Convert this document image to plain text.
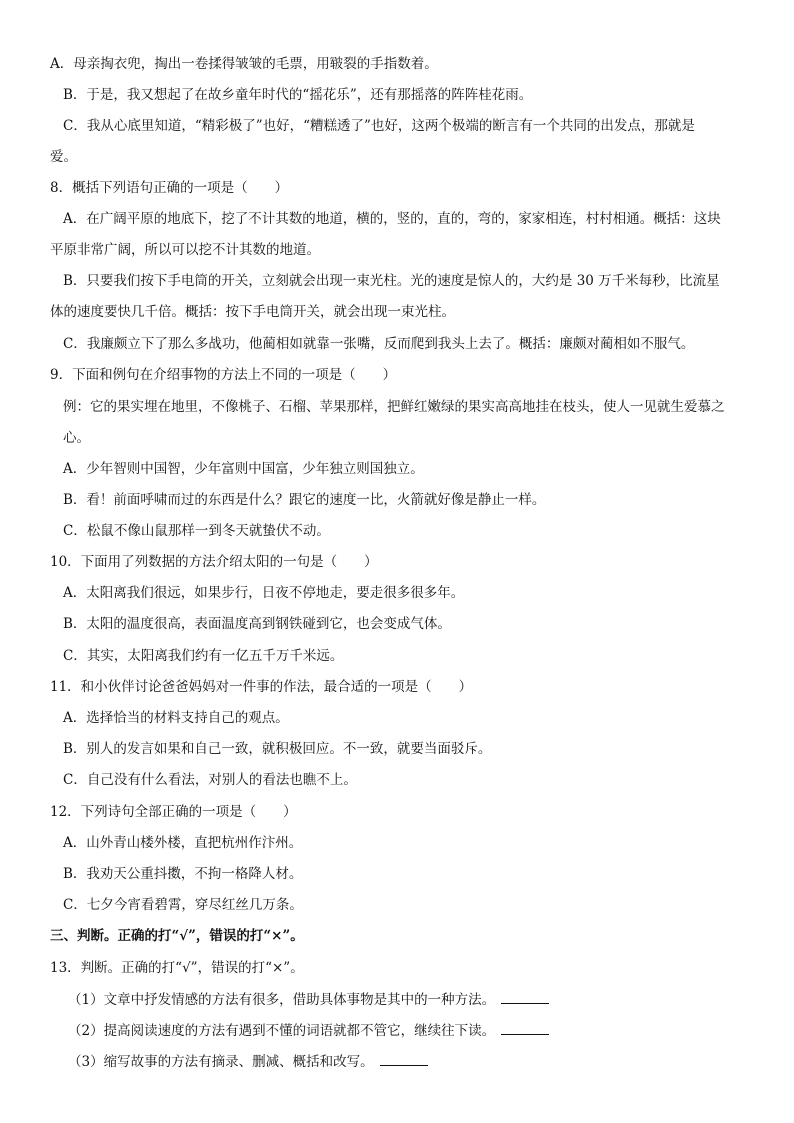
A．母亲掏衣兜，掏出一卷揉得皱皱的毛票，用皲裂的手指数着。
B．于是，我又想起了在故乡童年时代的“摇花乐”，还有那摇落的阵阵桂花雨。
C．我从心底里知道，“精彩极了”也好，“糟糕透了”也好，这两个极端的断言有一个共同的出发点，那就是
爱。
8．概括下列语句正确的一项是（　　）
A．在广阔平原的地底下，挖了不计其数的地道，横的，竖的，直的，弯的，家家相连，村村相通。概括：这块
平原非常广阔，所以可以挖不计其数的地道。
B．只要我们按下手电筒的开关，立刻就会出现一束光柱。光的速度是惊人的，大约是 30 万千米每秒，比流星
体的速度要快几千倍。概括：按下手电筒开关，就会出现一束光柱。
C．我廉颇立下了那么多战功，他蔺相如就靠一张嘴，反而爬到我头上去了。概括：廉颇对蔺相如不服气。
9．下面和例句在介绍事物的方法上不同的一项是（　　）
例：它的果实埋在地里，不像桃子、石榴、苹果那样，把鲜红嫩绿的果实高高地挂在枝头，使人一见就生爱慕之
心。
A．少年智则中国智，少年富则中国富，少年独立则国独立。
B．看！前面呼啸而过的东西是什么？跟它的速度一比，火箭就好像是静止一样。
C．松鼠不像山鼠那样一到冬天就蛰伏不动。
10．下面用了列数据的方法介绍太阳的一句是（　　）
A．太阳离我们很远，如果步行，日夜不停地走，要走很多很多年。
B．太阳的温度很高，表面温度高到钢铁碰到它，也会变成气体。
C．其实，太阳离我们约有一亿五千万千米远。
11．和小伙伴讨论爸爸妈妈对一件事的作法，最合适的一项是（　　）
A．选择恰当的材料支持自己的观点。
B．别人的发言如果和自己一致，就积极回应。不一致，就要当面驳斥。
C．自己没有什么看法，对别人的看法也瞧不上。
12．下列诗句全部正确的一项是（　　）
A．山外青山楼外楼，直把杭州作汴州。
B．我劝天公重抖擞，不拘一格降人材。
C．七夕今宵看碧霄，穿尽红丝几万条。
三、判断。正确的打“√”，错误的打“×”。
13．判断。正确的打“√”，错误的打“×”。
（1）文章中抒发情感的方法有很多，借助具体事物是其中的一种方法。
（2）提高阅读速度的方法有遇到不懂的词语就都不管它，继续往下读。
（3）缩写故事的方法有摘录、删减、概括和改写。
